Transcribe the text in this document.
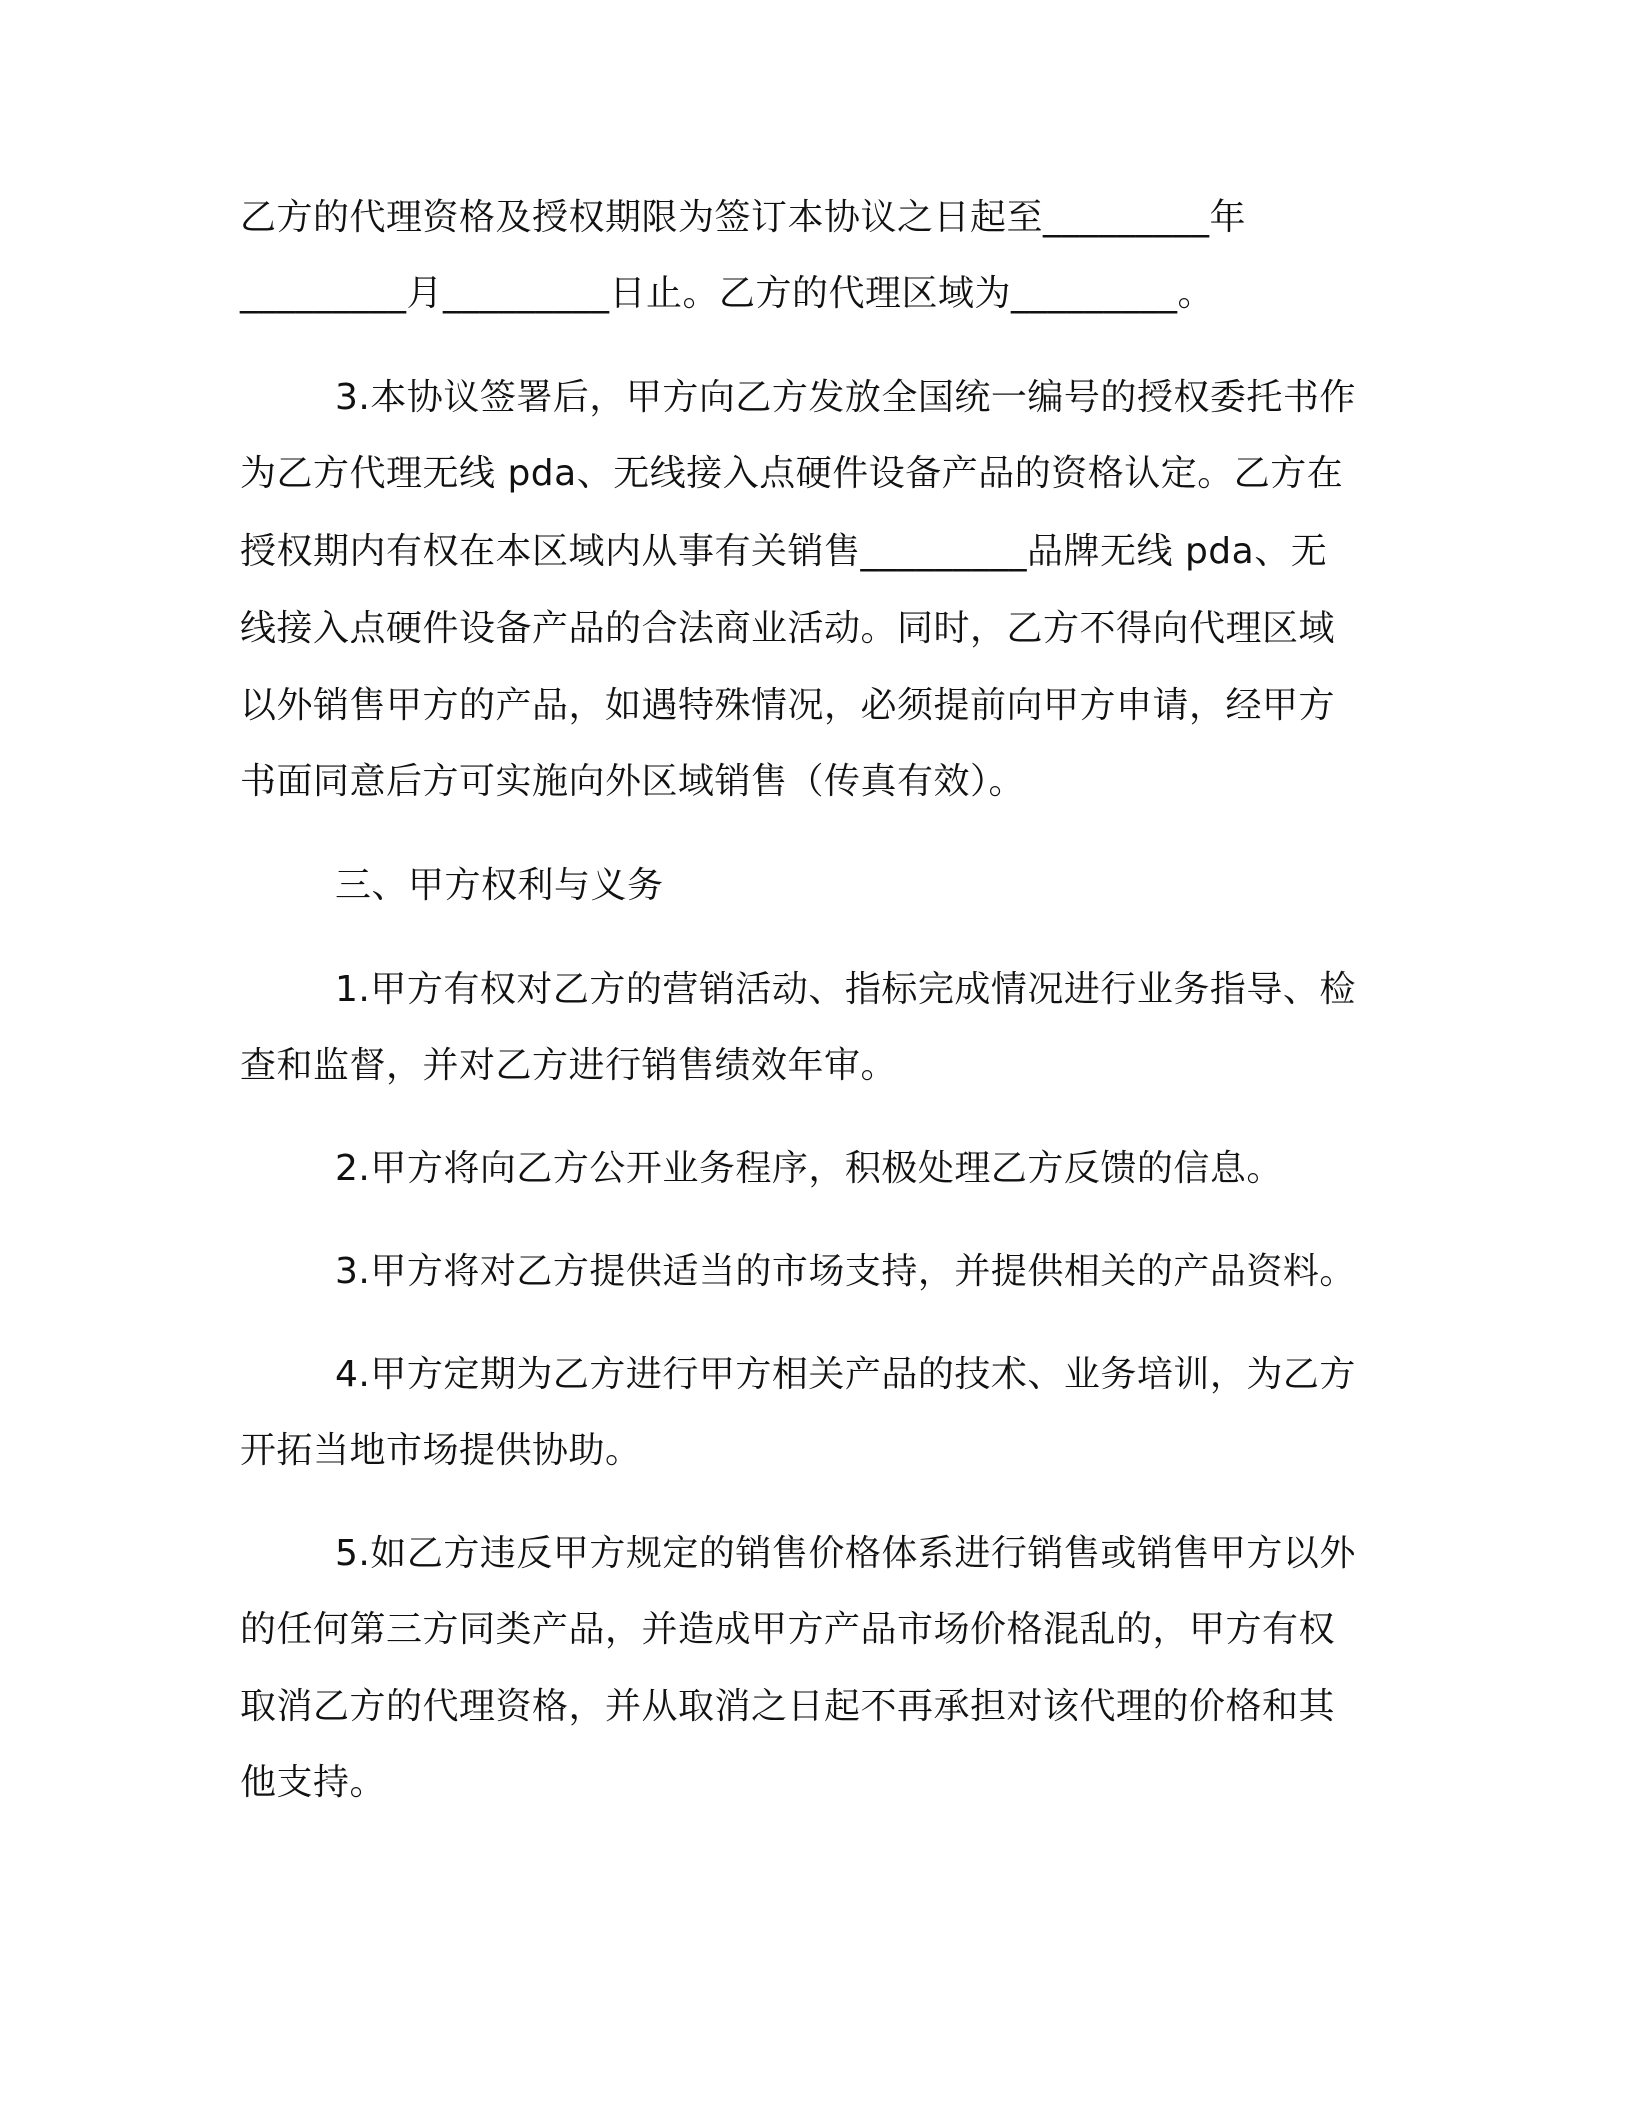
乙方的代理资格及授权期限为签订本协议之日起至_________年
_________月_________日止。乙方的代理区域为_________。
3.本协议签署后，甲方向乙方发放全国统一编号的授权委托书作
为乙方代理无线 pda、无线接入点硬件设备产品的资格认定。乙方在
授权期内有权在本区域内从事有关销售_________品牌无线 pda、无
线接入点硬件设备产品的合法商业活动。同时，乙方不得向代理区域
以外销售甲方的产品，如遇特殊情况，必须提前向甲方申请，经甲方
书面同意后方可实施向外区域销售（传真有效）。
三、甲方权利与义务
1.甲方有权对乙方的营销活动、指标完成情况进行业务指导、检
查和监督，并对乙方进行销售绩效年审。
2.甲方将向乙方公开业务程序，积极处理乙方反馈的信息。
3.甲方将对乙方提供适当的市场支持，并提供相关的产品资料。
4.甲方定期为乙方进行甲方相关产品的技术、业务培训，为乙方
开拓当地市场提供协助。
5.如乙方违反甲方规定的销售价格体系进行销售或销售甲方以外
的任何第三方同类产品，并造成甲方产品市场价格混乱的，甲方有权
取消乙方的代理资格，并从取消之日起不再承担对该代理的价格和其
他支持。
